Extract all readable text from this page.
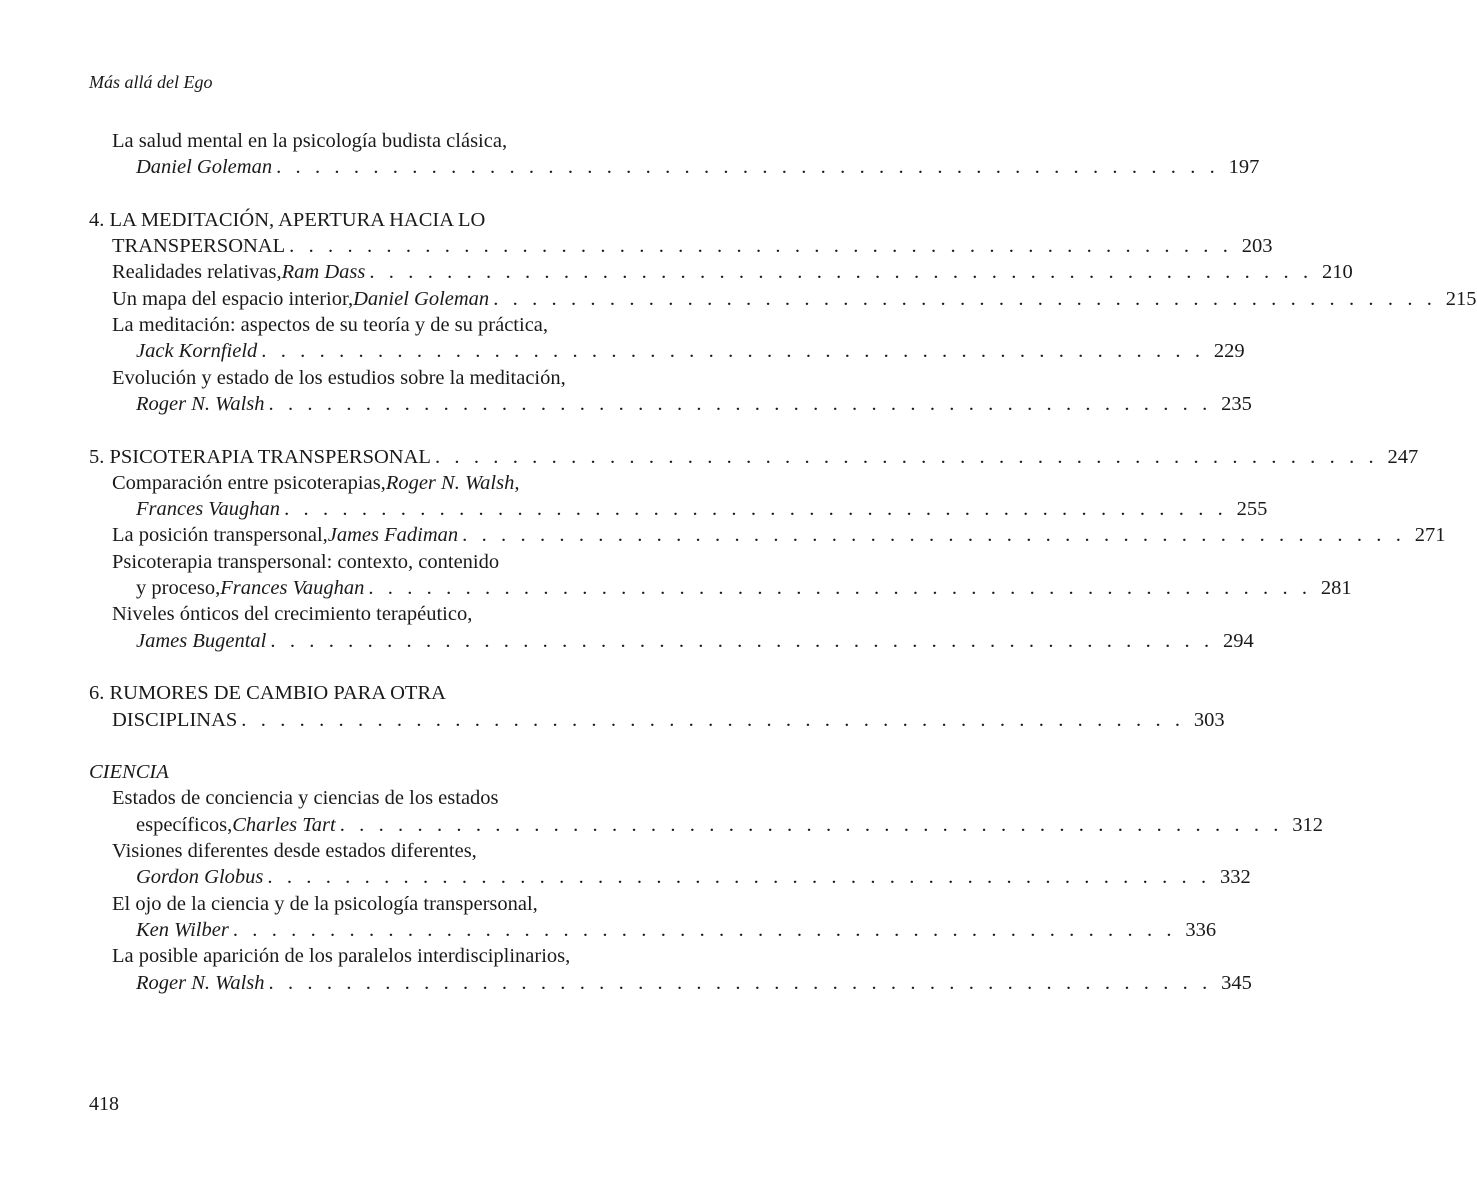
Más allá del Ego
La salud mental en la psicología budista clásica,
Daniel Goleman . . . . . . . . . . . . . . . . . . . . . . . . . . . . . . . . . . . . . . . . . . . . . . . . . 197
4. LA MEDITACIÓN, APERTURA HACIA LO
TRANSPERSONAL . . . . . . . . . . . . . . . . . . . . . . . . . . . . . . . . . . . . . . . . . . . . . . . . . 203
Realidades relativas, Ram Dass . . . . . . . . . . . . . . . . . . . . . . . . . . . . . . . . . . . . . . . . . . . . . . . . . 210
Un mapa del espacio interior, Daniel Goleman . . . . . . . . . . . . . . . . . . . . . . . . . . . . . . . . . . . . . . . . . . . . . . . . . 215
La meditación: aspectos de su teoría y de su práctica,
Jack Kornfield . . . . . . . . . . . . . . . . . . . . . . . . . . . . . . . . . . . . . . . . . . . . . . . . . 229
Evolución y estado de los estudios sobre la meditación,
Roger N. Walsh . . . . . . . . . . . . . . . . . . . . . . . . . . . . . . . . . . . . . . . . . . . . . . . . . 235
5. PSICOTERAPIA TRANSPERSONAL . . . . . . . . . . . . . . . . . . . . . . . . . . . . . . . . . . . . . . . . . . . . . . . . . 247
Comparación entre psicoterapias, Roger N. Walsh,
Frances Vaughan . . . . . . . . . . . . . . . . . . . . . . . . . . . . . . . . . . . . . . . . . . . . . . . . . 255
La posición transpersonal, James Fadiman . . . . . . . . . . . . . . . . . . . . . . . . . . . . . . . . . . . . . . . . . . . . . . . . . 271
Psicoterapia transpersonal: contexto, contenido
y proceso, Frances Vaughan . . . . . . . . . . . . . . . . . . . . . . . . . . . . . . . . . . . . . . . . . . . . . . . . . 281
Niveles ónticos del crecimiento terapéutico,
James Bugental . . . . . . . . . . . . . . . . . . . . . . . . . . . . . . . . . . . . . . . . . . . . . . . . . 294
6. RUMORES DE CAMBIO PARA OTRA
DISCIPLINAS . . . . . . . . . . . . . . . . . . . . . . . . . . . . . . . . . . . . . . . . . . . . . . . . . 303
CIENCIA
Estados de conciencia y ciencias de los estados
específicos, Charles Tart . . . . . . . . . . . . . . . . . . . . . . . . . . . . . . . . . . . . . . . . . . . . . . . . . 312
Visiones diferentes desde estados diferentes,
Gordon Globus . . . . . . . . . . . . . . . . . . . . . . . . . . . . . . . . . . . . . . . . . . . . . . . . . 332
El ojo de la ciencia y de la psicología transpersonal,
Ken Wilber . . . . . . . . . . . . . . . . . . . . . . . . . . . . . . . . . . . . . . . . . . . . . . . . . 336
La posible aparición de los paralelos interdisciplinarios,
Roger N. Walsh . . . . . . . . . . . . . . . . . . . . . . . . . . . . . . . . . . . . . . . . . . . . . . . . . 345
418
